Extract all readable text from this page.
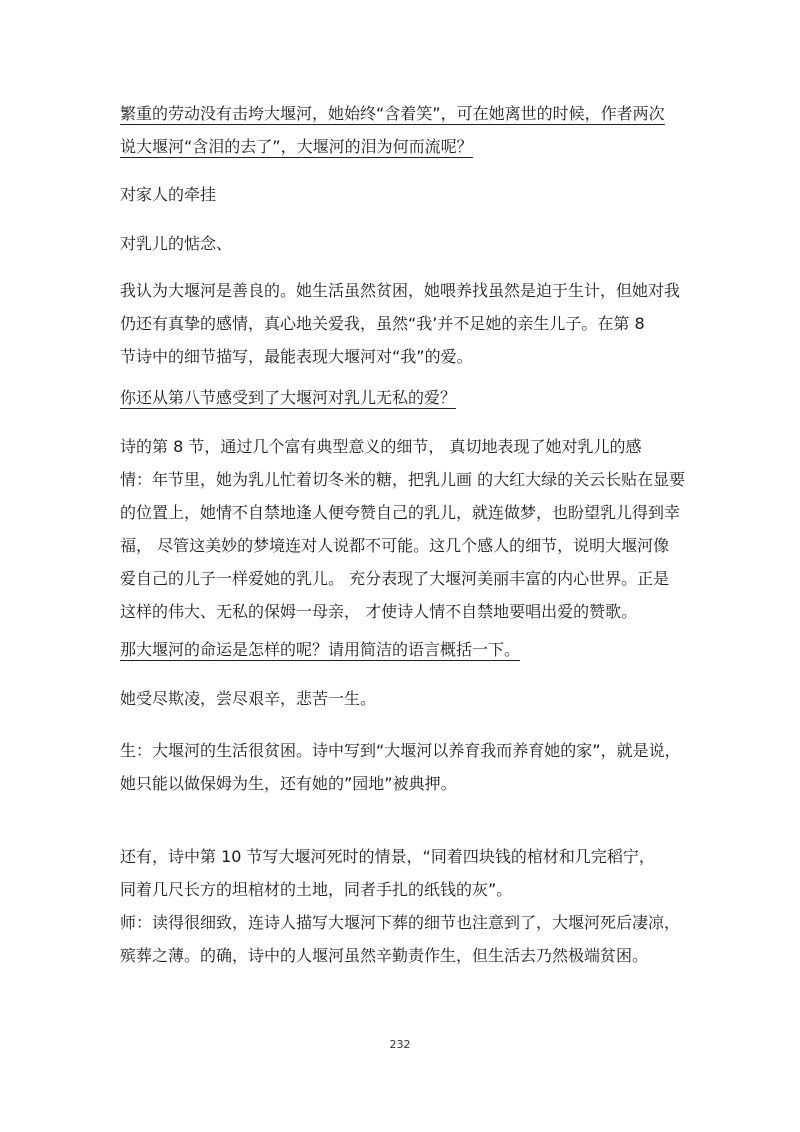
繁重的劳动没有击垮大堰河，她始终“含着笑”，可在她离世的时候，作者两次
说大堰河“含泪的去了”，大堰河的泪为何而流呢？
对家人的牵挂
对乳儿的惦念、
我认为大堰河是善良的。她生活虽然贫困，她喂养找虽然是迫于生计，但她对我
仍还有真挚的感情，真心地关爱我，虽然“我’并不足她的亲生儿子。在第 8
节诗中的细节描写，最能表现大堰河对“我”的爱。
你还从第八节感受到了大堰河对乳儿无私的爱？
诗的第 8 节，通过几个富有典型意义的细节， 真切地表现了她对乳儿的感
情：年节里，她为乳儿忙着切冬米的糖，把乳儿画 的大红大绿的关云长贴在显要
的位置上，她情不自禁地逢人便夸赞自己的乳儿，就连做梦，也盼望乳儿得到幸
福， 尽管这美妙的梦境连对人说都不可能。这几个感人的细节，说明大堰河像
爱自己的儿子一样爱她的乳儿。 充分表现了大堰河美丽丰富的内心世界。正是
这样的伟大、无私的保姆一母亲， 才使诗人情不自禁地要唱出爱的赞歌。
那大堰河的命运是怎样的呢？请用简洁的语言概括一下。
她受尽欺凌，尝尽艰辛，悲苦一生。
生：大堰河的生活很贫困。诗中写到“大堰河以养育我而养育她的家”，就是说，
她只能以做保姆为生，还有她的”园地”被典押。
还有，诗中第 10 节写大堰河死时的情景，“同着四块钱的棺材和几完稻宁，
同着几尺长方的坦棺材的土地，同者手扎的纸钱的灰”。
师：读得很细致，连诗人描写大堰河下葬的细节也注意到了，大堰河死后凄凉，
殡葬之薄。的确，诗中的人堰河虽然辛勤责作生，但生活去乃然极端贫困。
232
